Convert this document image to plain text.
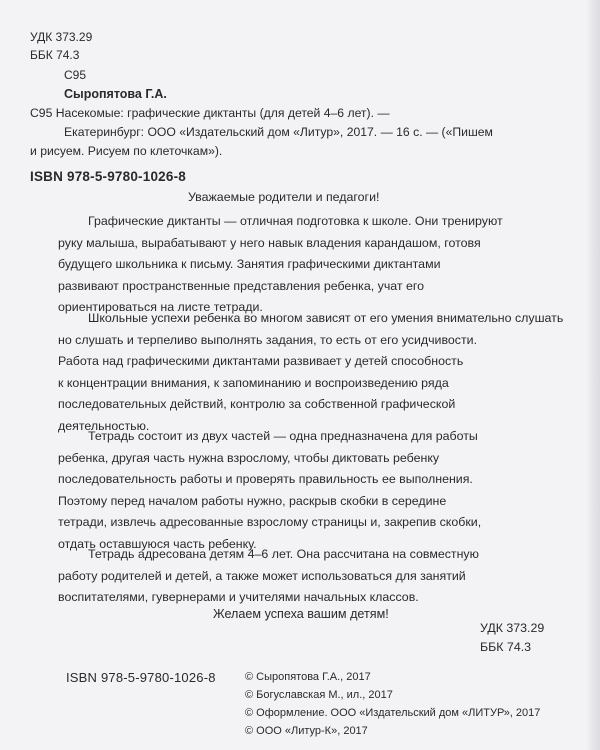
УДК 373.29
ББК 74.3
С95
Сыропятова Г.А.
С95 Насекомые: графические диктанты (для детей 4–6 лет). —
Екатеринбург: ООО «Издательский дом «Литур», 2017. — 16 с. — («Пишем
и рисуем. Рисуем по клеточкам»).
ISBN 978-5-9780-1026-8
Уважаемые родители и педагоги!
Графические диктанты — отличная подготовка к школе. Они тренируют
руку малыша, вырабатывают у него навык владения карандашом, готовя
будущего школьника к письму. Занятия графическими диктантами
развивают пространственные представления ребенка, учат его
ориентироваться на листе тетради.
Школьные успехи ребенка во многом зависят от его умения внимательно слушать
но слушать и терпеливо выполнять задания, то есть от его усидчивости.
Работа над графическими диктантами развивает у детей способность
к концентрации внимания, к запоминанию и воспроизведению ряда
последовательных действий, контролю за собственной графической
деятельностью.
Тетрадь состоит из двух частей — одна предназначена для работы
ребенка, другая часть нужна взрослому, чтобы диктовать ребенку
последовательность работы и проверять правильность ее выполнения.
Поэтому перед началом работы нужно, раскрыв скобки в середине
тетради, извлечь адресованные взрослому страницы и, закрепив скобки,
отдать оставшуюся часть ребенку.
Тетрадь адресована детям 4–6 лет. Она рассчитана на совместную
работу родителей и детей, а также может использоваться для занятий
воспитателями, гувернерами и учителями начальных классов.
Желаем успеха вашим детям!
УДК 373.29
ББК 74.3
ISBN 978-5-9780-1026-8	© Сыропятова Г.А., 2017
© Богуславская М., ил., 2017
© Оформление. ООО «Издательский дом «ЛИТУР», 2017
© ООО «Литур-К», 2017
